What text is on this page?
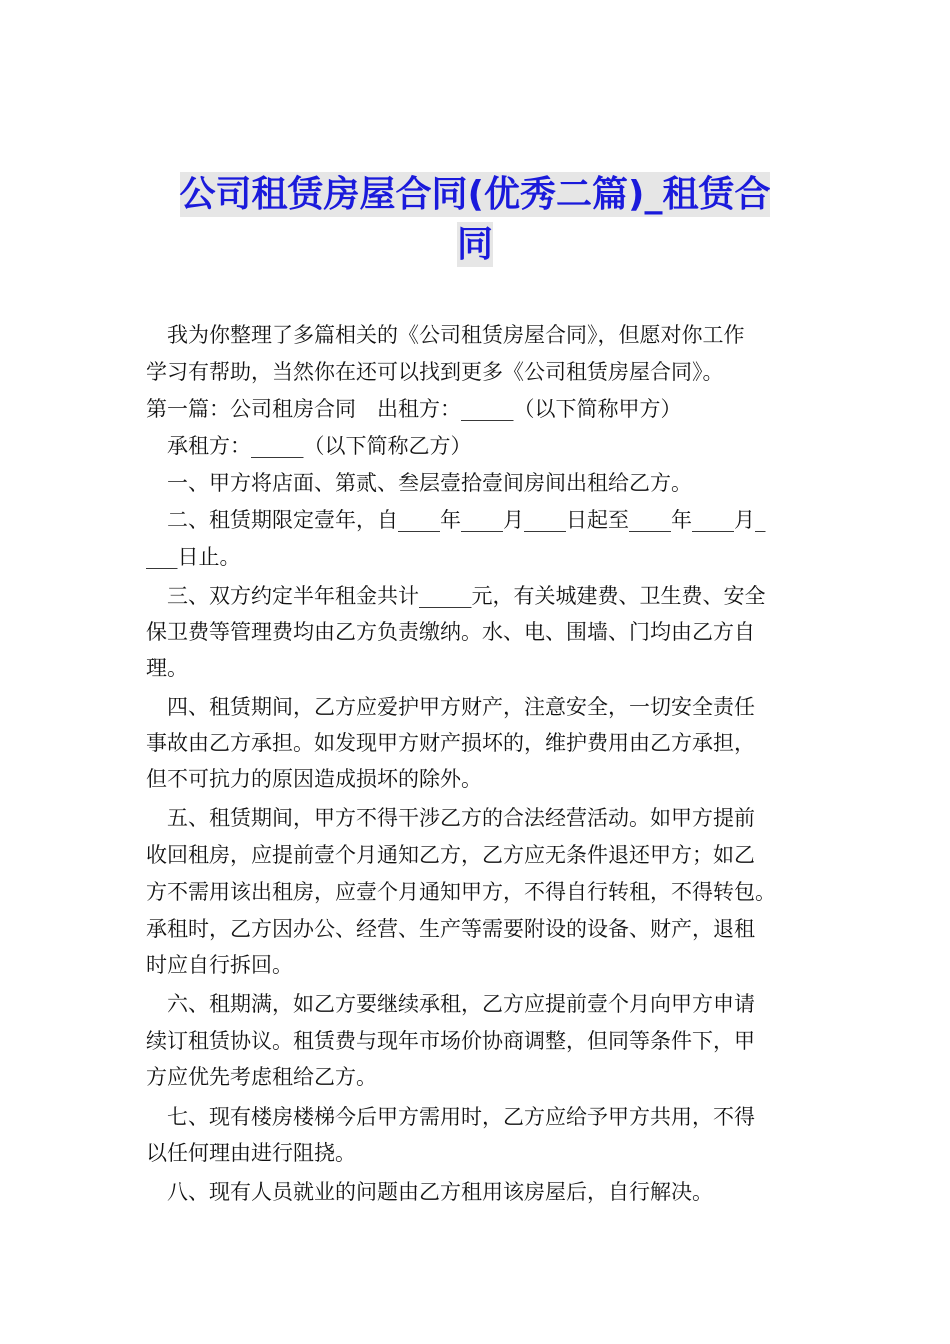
公司租赁房屋合同(优秀二篇)_租赁合
同
　我为你整理了多篇相关的《公司租赁房屋合同》，但愿对你工作
学习有帮助，当然你在还可以找到更多《公司租赁房屋合同》。
第一篇：公司租房合同　出租方：_____（以下简称甲方）
　承租方：_____（以下简称乙方）
　一、甲方将店面、第贰、叁层壹拾壹间房间出租给乙方。
　二、租赁期限定壹年，自____年____月____日起至____年____月_
___日止。
　三、双方约定半年租金共计_____元，有关城建费、卫生费、安全
保卫费等管理费均由乙方负责缴纳。水、电、围墙、门均由乙方自
理。
　四、租赁期间，乙方应爱护甲方财产，注意安全，一切安全责任
事故由乙方承担。如发现甲方财产损坏的，维护费用由乙方承担，
但不可抗力的原因造成损坏的除外。
　五、租赁期间，甲方不得干涉乙方的合法经营活动。如甲方提前
收回租房，应提前壹个月通知乙方，乙方应无条件退还甲方；如乙
方不需用该出租房，应壹个月通知甲方，不得自行转租，不得转包。
承租时，乙方因办公、经营、生产等需要附设的设备、财产，退租
时应自行拆回。
　六、租期满，如乙方要继续承租，乙方应提前壹个月向甲方申请
续订租赁协议。租赁费与现年市场价协商调整，但同等条件下，甲
方应优先考虑租给乙方。
　七、现有楼房楼梯今后甲方需用时，乙方应给予甲方共用，不得
以任何理由进行阻挠。
　八、现有人员就业的问题由乙方租用该房屋后，自行解决。
